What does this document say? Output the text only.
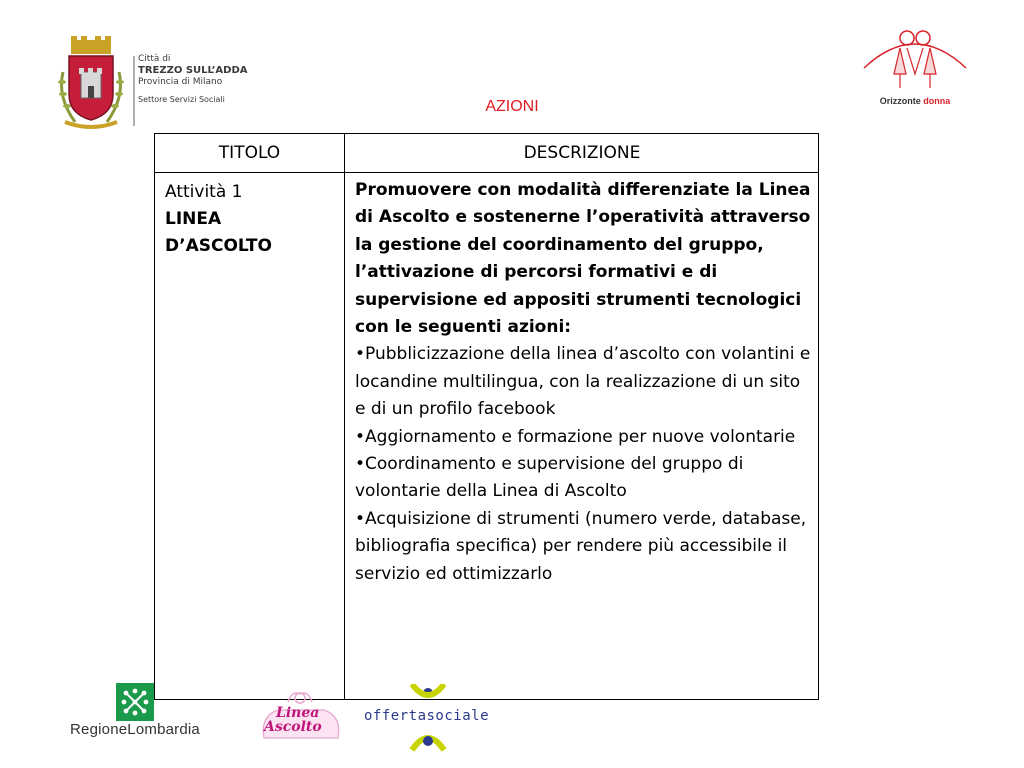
Città di
TREZZO SULL’ADDA
Provincia di Milano
Settore Servizi Sociali	Orizzonte donna
AZIONI
TITOLO	DESCRIZIONE
Attività 1
LINEA
D’ASCOLTO
Promuovere con modalità differenziate la Linea di Ascolto e sostenerne l’operatività attraverso la gestione del coordinamento del gruppo, l’attivazione di percorsi formativi e di supervisione ed appositi strumenti tecnologici con le seguenti azioni:
•Pubblicizzazione della linea d’ascolto con volantini e locandine multilingua, con la realizzazione di un sito e di un profilo facebook
•Aggiornamento e formazione per nuove volontarie
•Coordinamento e supervisione del gruppo di volontarie della Linea di Ascolto
•Acquisizione di strumenti (numero verde, database, bibliografia specifica) per rendere più accessibile il servizio ed ottimizzarlo
RegioneLombardia
Linea
Ascolto
offertasociale
